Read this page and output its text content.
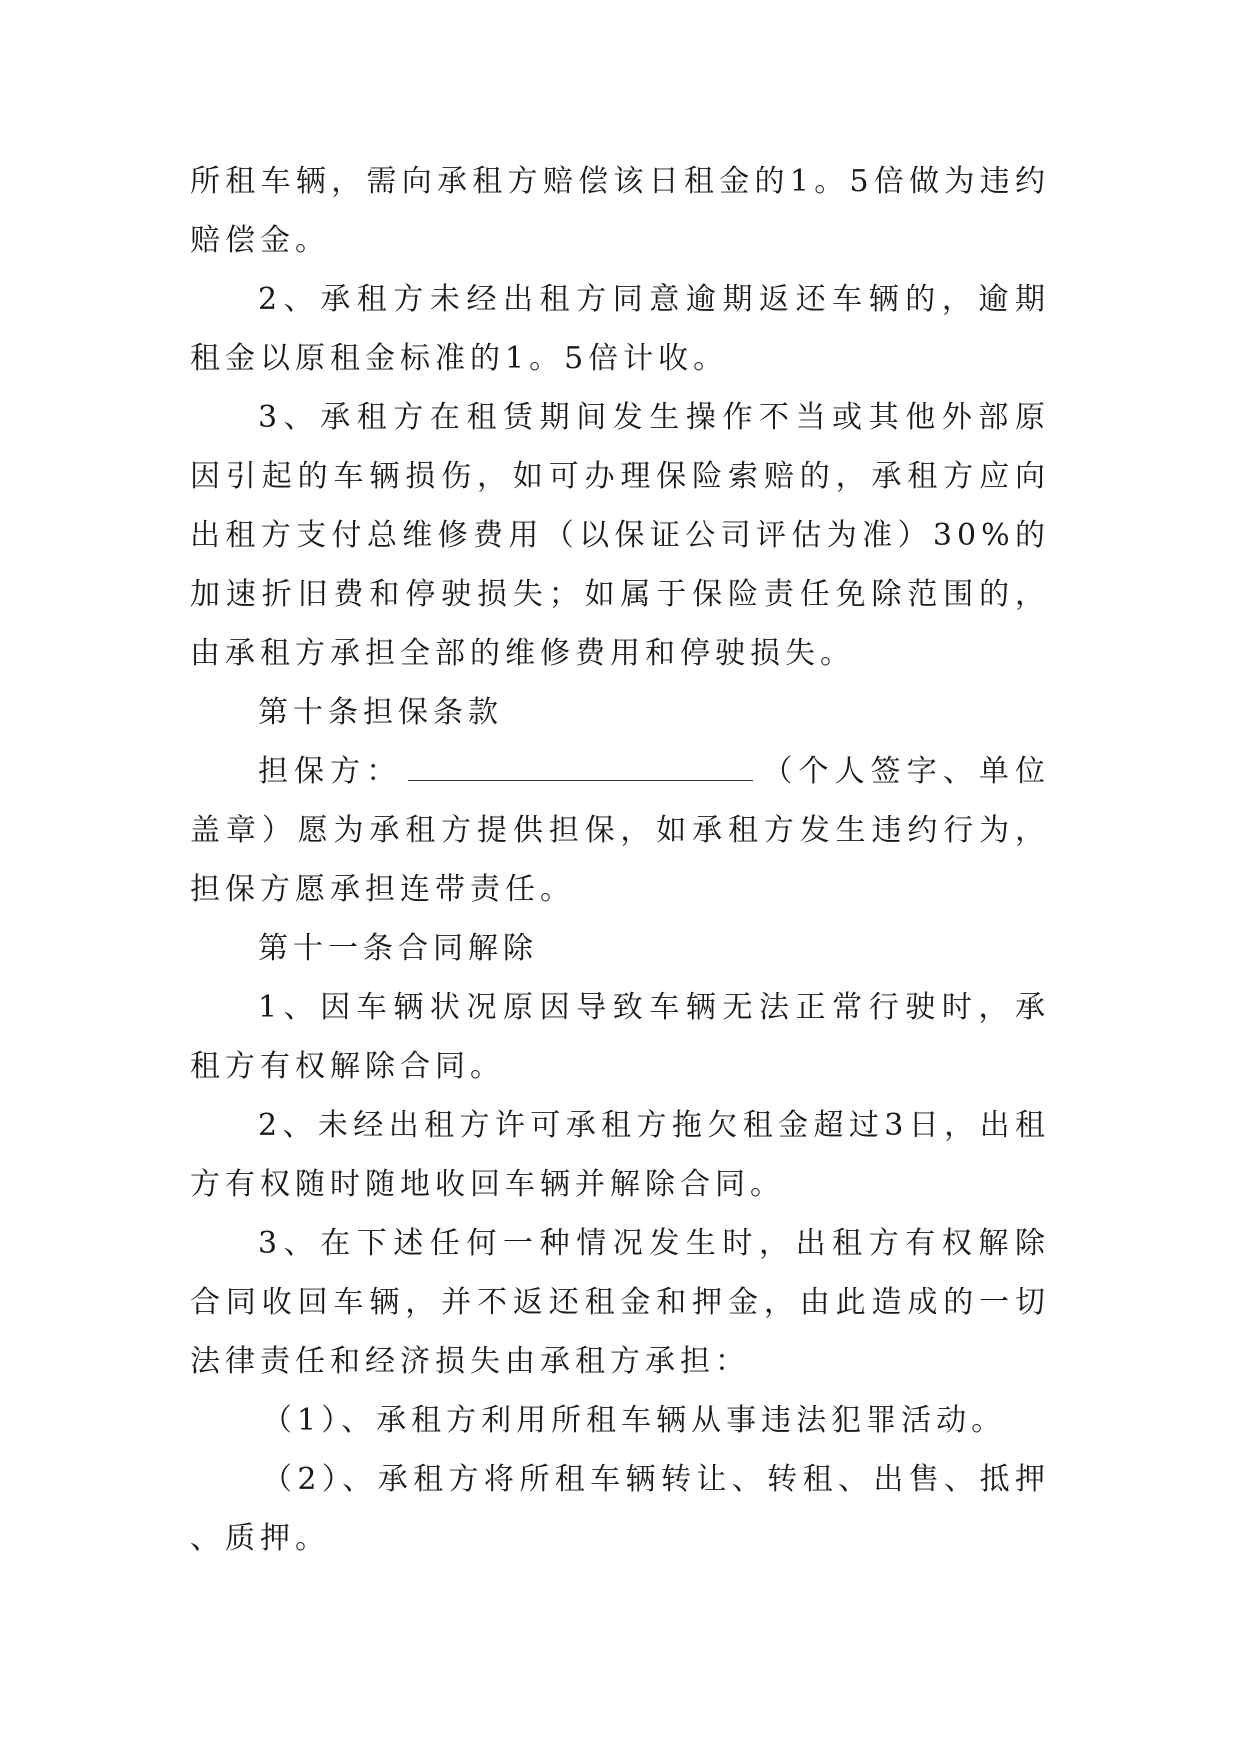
所租车辆，需向承租方赔偿该日租金的1。5倍做为违约赔偿金。

2、承租方未经出租方同意逾期返还车辆的，逾期租金以原租金标准的1。5倍计收。

3、承租方在租赁期间发生操作不当或其他外部原因引起的车辆损伤，如可办理保险索赔的，承租方应向出租方支付总维修费用（以保证公司评估为准）30%的加速折旧费和停驶损失；如属于保险责任免除范围的，由承租方承担全部的维修费用和停驶损失。

第十条担保条款

担保方：	（个人签字、单位盖章）愿为承租方提供担保，如承租方发生违约行为，担保方愿承担连带责任。

第十一条合同解除

1、因车辆状况原因导致车辆无法正常行驶时，承租方有权解除合同。

2、未经出租方许可承租方拖欠租金超过3日，出租方有权随时随地收回车辆并解除合同。

3、在下述任何一种情况发生时，出租方有权解除合同收回车辆，并不返还租金和押金，由此造成的一切法律责任和经济损失由承租方承担：

（1）、承租方利用所租车辆从事违法犯罪活动。

（2）、承租方将所租车辆转让、转租、出售、抵押、质押。
